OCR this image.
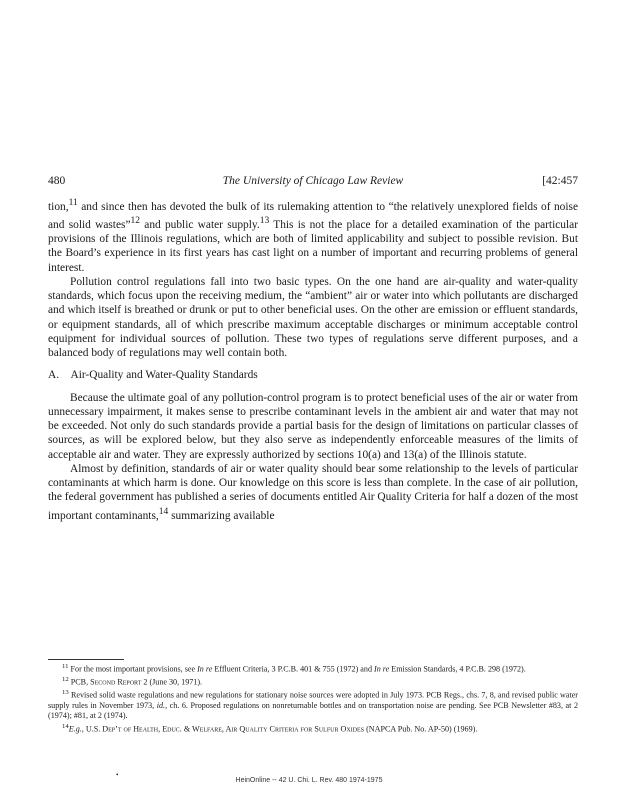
480	The University of Chicago Law Review	[42:457

tion,$^{11}$ and since then has devoted the bulk of its rulemaking attention to “the relatively unexplored fields of noise and solid wastes”$^{12}$ and public water supply.$^{13}$ This is not the place for a detailed examination of the particular provisions of the Illinois regulations, which are both of limited applicability and subject to possible revision. But the Board’s experience in its first years has cast light on a number of important and recurring problems of general interest.

Pollution control regulations fall into two basic types. On the one hand are air-quality and water-quality standards, which focus upon the receiving medium, the “ambient” air or water into which pollutants are discharged and which itself is breathed or drunk or put to other beneficial uses. On the other are emission or effluent standards, or equipment standards, all of which prescribe maximum acceptable discharges or minimum acceptable control equipment for individual sources of pollution. These two types of regulations serve different purposes, and a balanced body of regulations may well contain both.

A. Air-Quality and Water-Quality Standards

Because the ultimate goal of any pollution-control program is to protect beneficial uses of the air or water from unnecessary impairment, it makes sense to prescribe contaminant levels in the ambient air and water that may not be exceeded. Not only do such standards provide a partial basis for the design of limitations on particular classes of sources, as will be explored below, but they also serve as independently enforceable measures of the limits of acceptable air and water. They are expressly authorized by sections 10(a) and 13(a) of the Illinois statute.

Almost by definition, standards of air or water quality should bear some relationship to the levels of particular contaminants at which harm is done. Our knowledge on this score is less than complete. In the case of air pollution, the federal government has published a series of documents entitled Air Quality Criteria for half a dozen of the most important contaminants,$^{14}$ summarizing available

$^{11}$ For the most important provisions, see In re Effluent Criteria, 3 P.C.B. 401 & 755 (1972) and In re Emission Standards, 4 P.C.B. 298 (1972).

$^{12}$ PCB, Second Report 2 (June 30, 1971).

$^{13}$ Revised solid waste regulations and new regulations for stationary noise sources were adopted in July 1973. PCB Regs., chs. 7, 8, and revised public water supply rules in November 1973, id., ch. 6. Proposed regulations on nonreturnable bottles and on transportation noise are pending. See PCB Newsletter #83, at 2 (1974); #81, at 2 (1974).

$^{14}$E.g., U.S. Dep’t of Health, Educ. & Welfare, Air Quality Criteria for Sulfur Oxides (NAPCA Pub. No. AP-50) (1969).

•
HeinOnline -- 42 U. Chi. L. Rev. 480 1974-1975
